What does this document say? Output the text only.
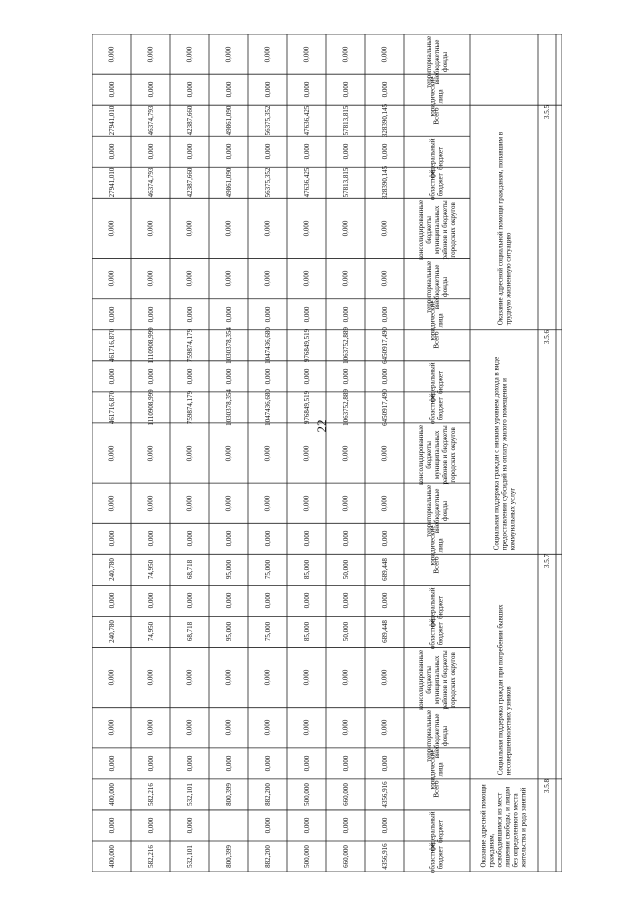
22
3.5.5
Оказание адресной социальной помощи гражданам, попавшим в трудную жизненную ситуацию
3.5.6
Социальная поддержка граждан с низким уровнем дохода в виде предоставления субсидий на оплату жилого помещения и коммунальных услуг
3.5.7
Социальная поддержка граждан при погребении бывших несовершеннолетних узников
3.5.8
Оказание адресной помощи гражданам, освободившимся из мест лишения свободы, и лицам без определенного места жительства и рода занятий
территориальные внебюджетные фонды
0,000
0,000
0,000
0,000
0,000
0,000
0,000
0,000
юридические лица
0,000
0,000
0,000
0,000
0,000
0,000
0,000
0,000
Всего
328390,145
57813,815
47636,425
56375,352
49861,090
42387,660
46374,793
27941,010
федеральный бюджет
0,000
0,000
0,000
0,000
0,000
0,000
0,000
0,000
областной бюджет
328390,145
57813,815
47636,425
56375,352
49861,090
42387,660
46374,793
27941,010
консолидированные бюджеты муниципальных районов и бюджеты городских округов
0,000
0,000
0,000
0,000
0,000
0,000
0,000
0,000
территориальные внебюджетные фонды
0,000
0,000
0,000
0,000
0,000
0,000
0,000
0,000
юридические лица
0,000
0,000
0,000
0,000
0,000
0,000
0,000
0,000
Всего
6450917,490
1063752,889
976849,519
1047436,680
1030378,354
759874,179
1110908,999
461716,870
федеральный бюджет
0,000
0,000
0,000
0,000
0,000
0,000
0,000
0,000
областной бюджет
6450917,490
1063752,889
976849,519
1047436,680
1030378,354
759874,179
1110908,999
461716,870
консолидированные бюджеты муниципальных районов и бюджеты городских округов
0,000
0,000
0,000
0,000
0,000
0,000
0,000
0,000
территориальные внебюджетные фонды
0,000
0,000
0,000
0,000
0,000
0,000
0,000
0,000
юридические лица
0,000
0,000
0,000
0,000
0,000
0,000
0,000
0,000
Всего
689,448
50,000
85,000
75,000
95,000
68,718
74,950
240,780
федеральный бюджет
0,000
0,000
0,000
0,000
0,000
0,000
0,000
0,000
областной бюджет
689,448
50,000
85,000
75,000
95,000
68,718
74,950
240,780
консолидированные бюджеты муниципальных районов и бюджеты городских округов
0,000
0,000
0,000
0,000
0,000
0,000
0,000
0,000
территориальные внебюджетные фонды
0,000
0,000
0,000
0,000
0,000
0,000
0,000
0,000
юридические лица
0,000
0,000
0,000
0,000
0,000
0,000
0,000
0,000
Всего
4356,916
660,000
500,000
882,200
800,399
532,101
582,216
400,000
федеральный бюджет
0,000
0,000
0,000
0,000
0,000
0,000
0,000
областной бюджет
4356,916
660,000
500,000
882,200
800,399
532,101
582,216
400,000
